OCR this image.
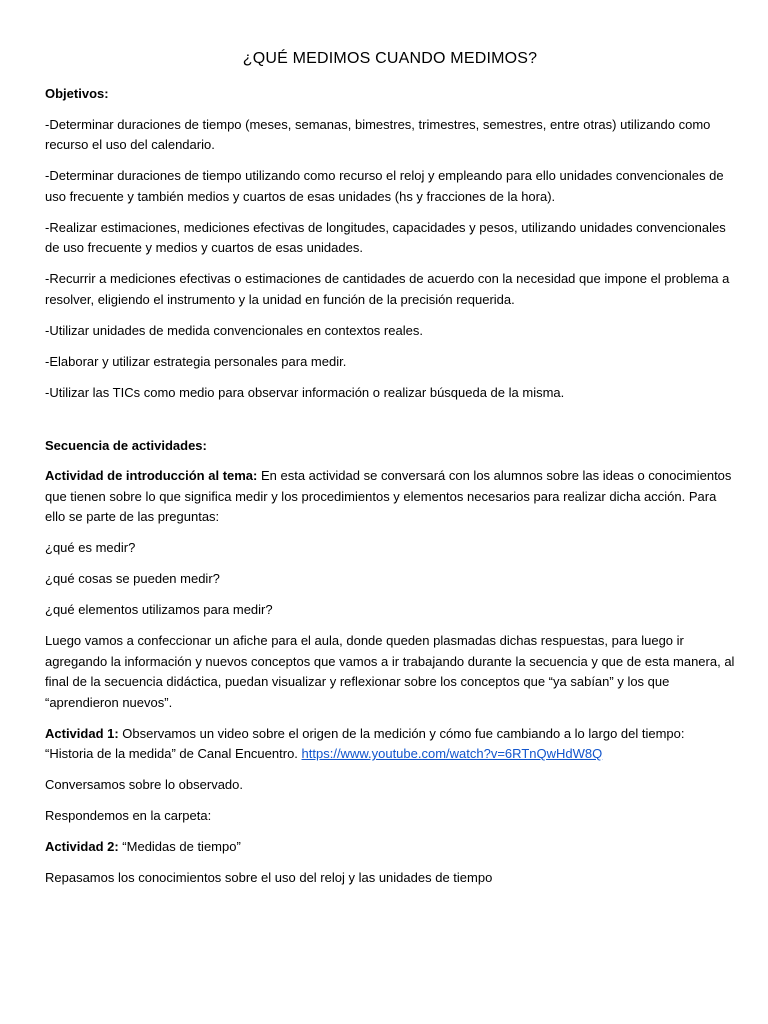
¿QUÉ MEDIMOS CUANDO MEDIMOS?
Objetivos:

-Determinar duraciones de tiempo (meses, semanas, bimestres, trimestres, semestres, entre otras) utilizando como recurso el uso del calendario.

-Determinar duraciones de tiempo utilizando como recurso el reloj y empleando para ello unidades convencionales de uso frecuente y también medios y cuartos de esas unidades (hs y fracciones de la hora).

-Realizar estimaciones, mediciones efectivas de longitudes, capacidades y pesos, utilizando unidades convencionales de uso frecuente y medios y cuartos de esas unidades.

-Recurrir a mediciones efectivas o estimaciones de cantidades de acuerdo con la necesidad que impone el problema a resolver, eligiendo el instrumento y la unidad en función de la precisión requerida.

-Utilizar unidades de medida convencionales en contextos reales.

-Elaborar y utilizar estrategia personales para medir.

-Utilizar las TICs como medio para observar información o realizar búsqueda de la misma.

Secuencia de actividades:

Actividad de introducción al tema: En esta actividad se conversará con los alumnos sobre las ideas o conocimientos que tienen sobre lo que significa medir y los procedimientos y elementos necesarios para realizar dicha acción. Para ello se parte de las preguntas:

¿qué es medir?

¿qué cosas se pueden medir?

¿qué elementos utilizamos para medir?

Luego vamos a confeccionar un afiche para el aula, donde queden plasmadas dichas respuestas, para luego ir agregando la información y nuevos conceptos que vamos a ir trabajando durante la secuencia y que de esta manera, al final de la secuencia didáctica, puedan visualizar y reflexionar sobre los conceptos que “ya sabían” y los que “aprendieron nuevos”.

Actividad 1: Observamos un video sobre el origen de la medición y cómo fue cambiando a lo largo del tiempo: “Historia de la medida” de Canal Encuentro. https://www.youtube.com/watch?v=6RTnQwHdW8Q

Conversamos sobre lo observado.

Respondemos en la carpeta:

Actividad 2: “Medidas de tiempo”

Repasamos los conocimientos sobre el uso del reloj y las unidades de tiempo
